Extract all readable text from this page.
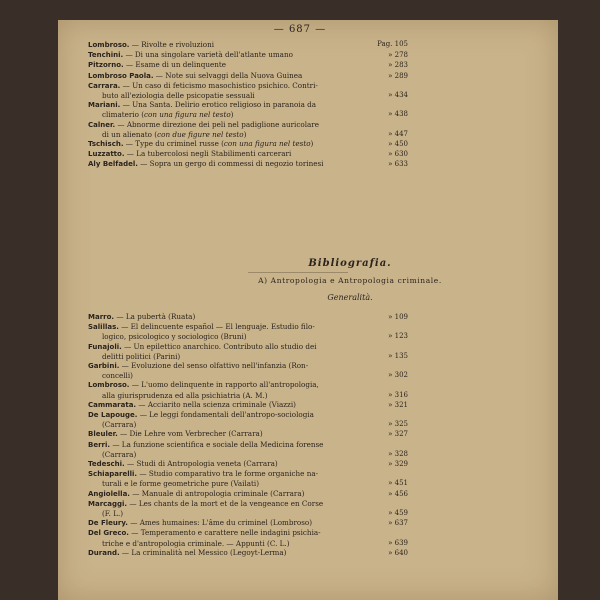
— 687 —
Lombroso. — Rivolte e rivoluzioni	Pag. 105
Tenchini. — Di una singolare varietà dell'atlante umano	» 278
Pitzorno. — Esame di un delinquente	» 283
Lombroso Paola. — Note sui selvaggi della Nuova Guinea	» 289
Carrara. — Un caso di feticismo masochistico psichico. Contri-
buto all'eziologia delle psicopatie sessuali	» 434
Mariani. — Una Santa. Delirio erotico religioso in paranoia da
climaterio (con una figura nel testo)	» 438
Calner. — Abnorme direzione dei peli nel padiglione auricolare
di un alienato (con due figure nel testo)	» 447
Tschisch. — Type du criminel russe (con una figura nel testo)	» 450
Luzzatto. — La tubercolosi negli Stabilimenti carcerari	» 630
Aly Belfadel. — Sopra un gergo di commessi di negozio torinesi	» 633
Bibliografia.
A) Antropologia e Antropologia criminale.
Generalità.
Marro. — La pubertà (Ruata)	» 109
Salillas. — El delincuente español — El lenguaje. Estudio filo-
logico, psicologico y sociologico (Bruni)	» 123
Funajoli. — Un epilettico anarchico. Contributo allo studio dei
delitti politici (Parini)	» 135
Garbini. — Evoluzione del senso olfattivo nell'infanzia (Ron-
concelli)	» 302
Lombroso. — L'uomo delinquente in rapporto all'antropologia,
alla giurisprudenza ed alla psichiatria (A. M.)	» 316
Cammarata. — Acciarito nella scienza criminale (Viazzi)	» 321
De Lapouge. — Le leggi fondamentali dell'antropo-sociologia
(Carrara)	» 325
Bleuler. — Die Lehre vom Verbrecher (Carrara)	» 327
Berri. — La funzione scientifica e sociale della Medicina forense
(Carrara)	» 328
Tedeschi. — Studi di Antropologia veneta (Carrara)	» 329
Schiaparelli. — Studio comparativo tra le forme organiche na-
turali e le forme geometriche pure (Vailati)	» 451
Angiolella. — Manuale di antropologia criminale (Carrara)	» 456
Marcaggi. — Les chants de la mort et de la vengeance en Corse
(F. L.)	» 459
De Fleury. — Ames humaines: L'âme du criminel (Lombroso)	» 637
Del Greco. — Temperamento e carattere nelle indagini psichia-
triche e d'antropologia criminale. — Appunti (C. L.)	» 639
Durand. — La criminalità nel Messico (Legoyt-Lerma)	» 640
